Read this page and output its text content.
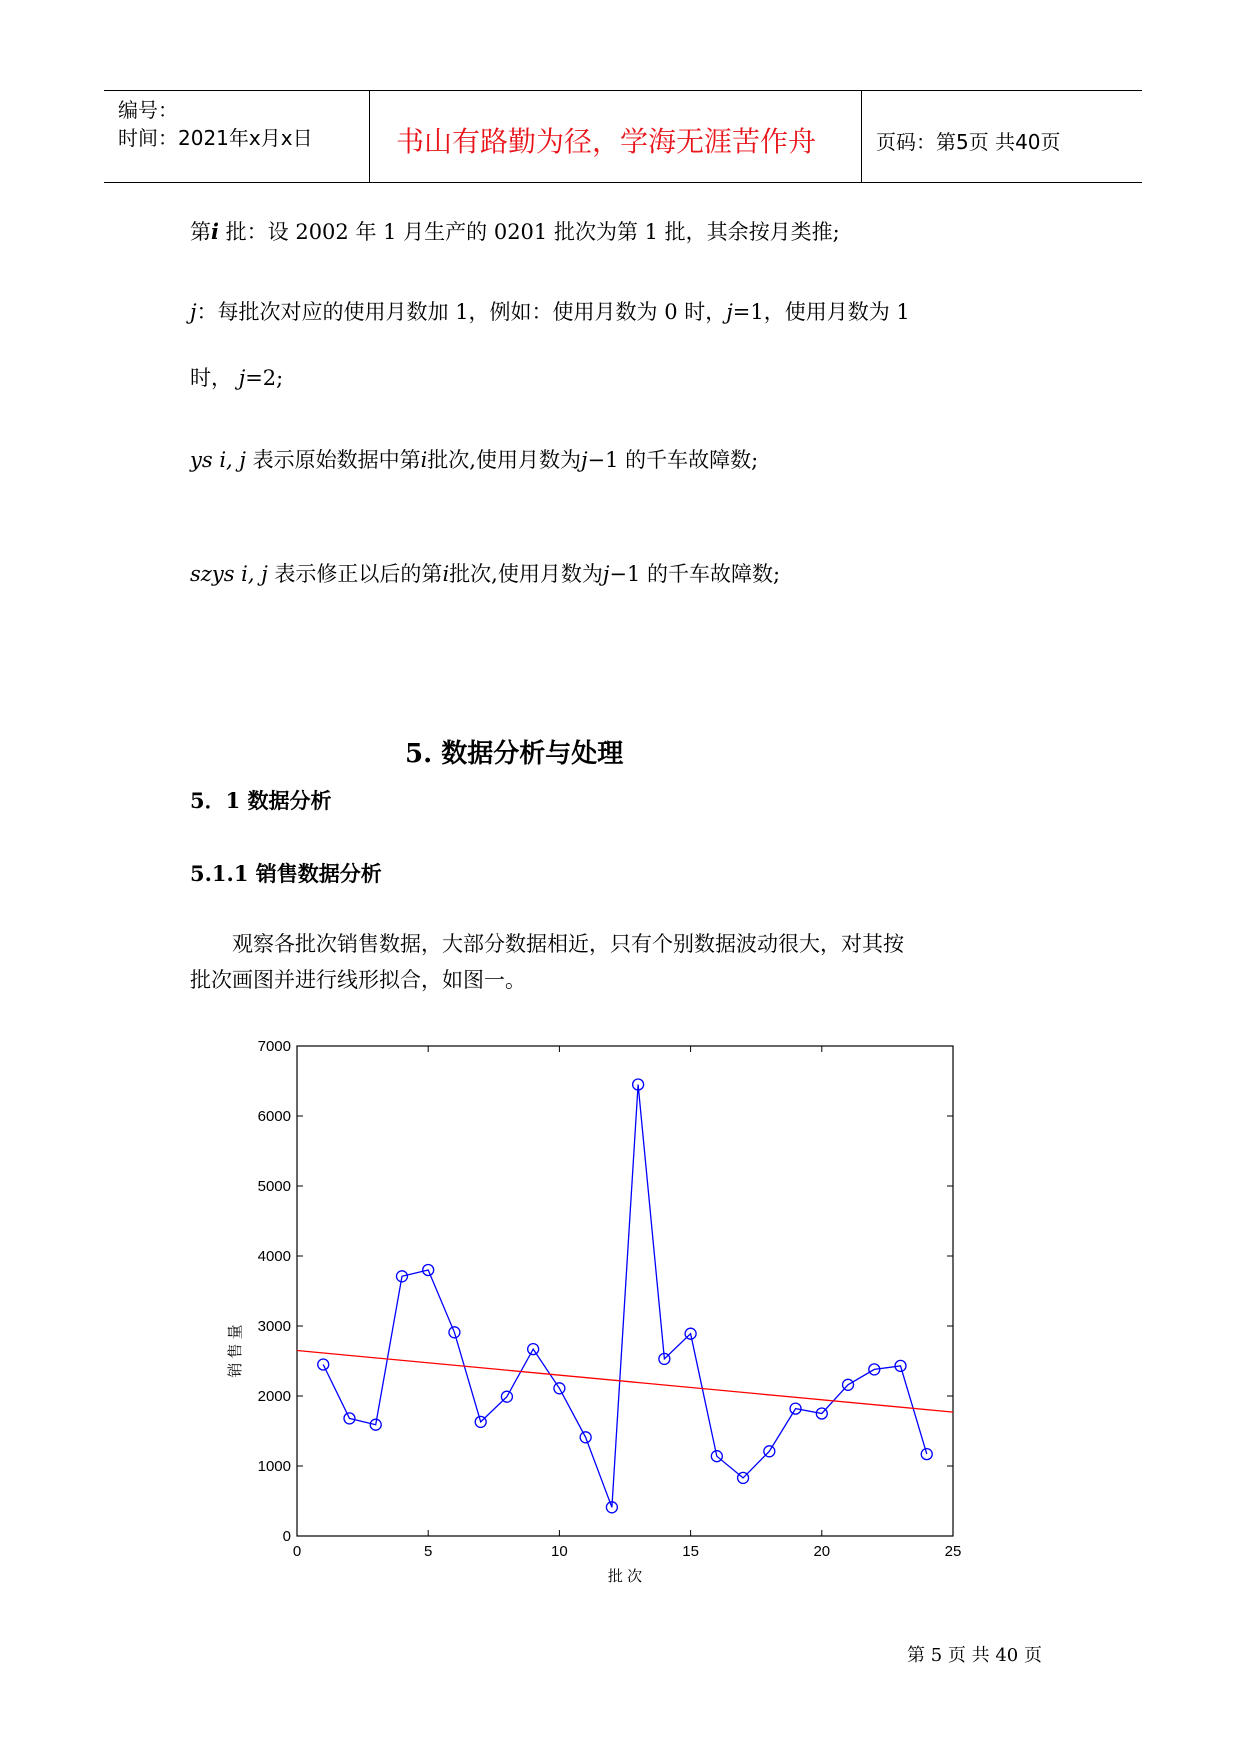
编号：
时间：2021年x月x日	书山有路勤为径，学海无涯苦作舟	页码：第5页 共40页
第i 批：设 2002 年 1 月生产的 0201 批次为第 1 批，其余按月类推;
j：每批次对应的使用月数加 1，例如：使用月数为 0 时，j=1，使用月数为 1
时， j=2;
ys i, j 表示原始数据中第i批次,使用月数为j−1 的千车故障数;
szys i, j 表示修正以后的第i批次,使用月数为j−1 的千车故障数;
5. 数据分析与处理
5．1 数据分析
5.1.1 销售数据分析
观察各批次销售数据，大部分数据相近，只有个别数据波动很大，对其按
批次画图并进行线形拟合，如图一。
0	5	10	15	20	25
0
1000
2000
3000
4000
5000
6000
7000
批 次
销 售 量
第 5 页 共 40 页
